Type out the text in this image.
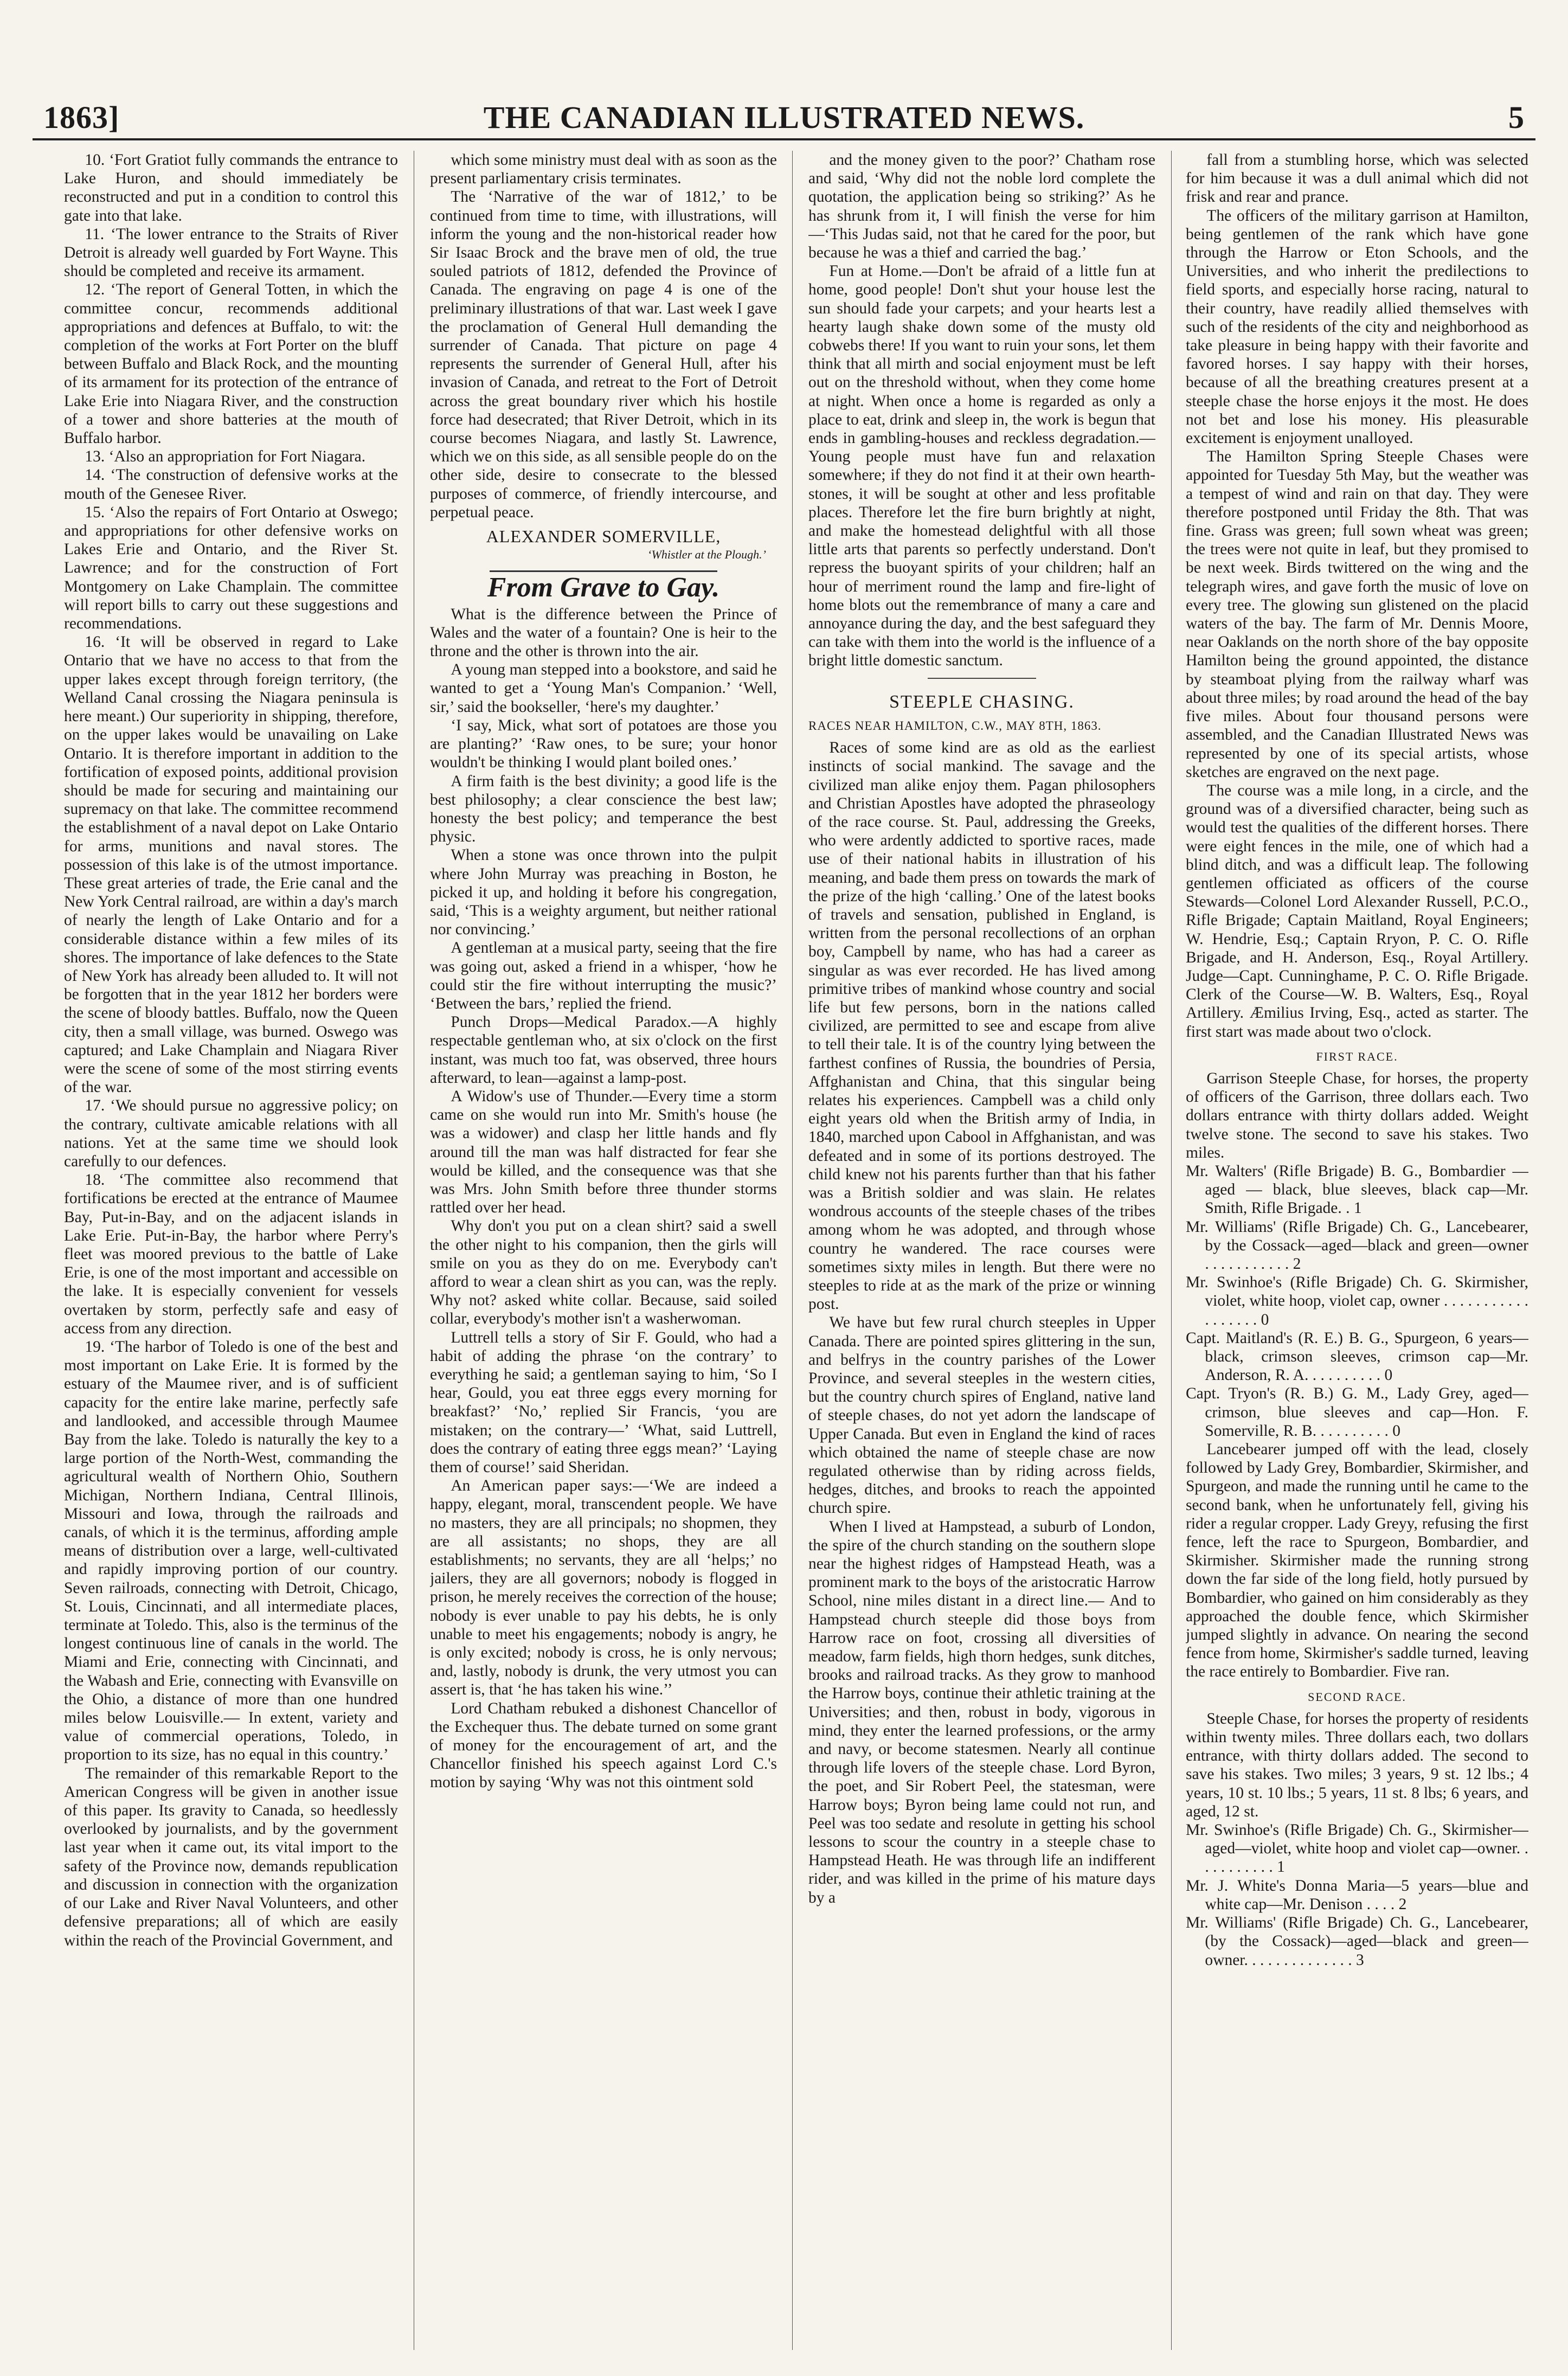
1863]	THE CANADIAN ILLUSTRATED NEWS.	5

10. ‘Fort Gratiot fully commands the entrance to Lake Huron, and should immediately be reconstructed and put in a condition to control this gate into that lake.

11. ‘The lower entrance to the Straits of River Detroit is already well guarded by Fort Wayne. This should be completed and receive its armament.

12. ‘The report of General Totten, in which the committee concur, recommends additional appropriations and defences at Buffalo, to wit: the completion of the works at Fort Porter on the bluff between Buffalo and Black Rock, and the mounting of its armament for its protection of the entrance of Lake Erie into Niagara River, and the construction of a tower and shore batteries at the mouth of Buffalo harbor.

13. ‘Also an appropriation for Fort Niagara.

14. ‘The construction of defensive works at the mouth of the Genesee River.

15. ‘Also the repairs of Fort Ontario at Oswego; and appropriations for other defensive works on Lakes Erie and Ontario, and the River St. Lawrence; and for the construction of Fort Montgomery on Lake Champlain. The committee will report bills to carry out these suggestions and recommendations.

16. ‘It will be observed in regard to Lake Ontario that we have no access to that from the upper lakes except through foreign territory, (the Welland Canal crossing the Niagara peninsula is here meant.) Our superiority in shipping, therefore, on the upper lakes would be unavailing on Lake Ontario. It is therefore important in addition to the fortification of exposed points, additional provision should be made for securing and maintaining our supremacy on that lake. The committee recommend the establishment of a naval depot on Lake Ontario for arms, munitions and naval stores. The possession of this lake is of the utmost importance. These great arteries of trade, the Erie canal and the New York Central railroad, are within a day's march of nearly the length of Lake Ontario and for a considerable distance within a few miles of its shores. The importance of lake defences to the State of New York has already been alluded to. It will not be forgotten that in the year 1812 her borders were the scene of bloody battles. Buffalo, now the Queen city, then a small village, was burned. Oswego was captured; and Lake Champlain and Niagara River were the scene of some of the most stirring events of the war.

17. ‘We should pursue no aggressive policy; on the contrary, cultivate amicable relations with all nations. Yet at the same time we should look carefully to our defences.

18. ‘The committee also recommend that fortifications be erected at the entrance of Maumee Bay, Put-in-Bay, and on the adjacent islands in Lake Erie. Put-in-Bay, the harbor where Perry's fleet was moored previous to the battle of Lake Erie, is one of the most important and accessible on the lake. It is especially convenient for vessels overtaken by storm, perfectly safe and easy of access from any direction.

19. ‘The harbor of Toledo is one of the best and most important on Lake Erie. It is formed by the estuary of the Maumee river, and is of sufficient capacity for the entire lake marine, perfectly safe and landlooked, and accessible through Maumee Bay from the lake. Toledo is naturally the key to a large portion of the North-West, commanding the agricultural wealth of Northern Ohio, Southern Michigan, Northern Indiana, Central Illinois, Missouri and Iowa, through the railroads and canals, of which it is the terminus, affording ample means of distribution over a large, well-cultivated and rapidly improving portion of our country. Seven railroads, connecting with Detroit, Chicago, St. Louis, Cincinnati, and all intermediate places, terminate at Toledo. This, also is the terminus of the longest continuous line of canals in the world. The Miami and Erie, connecting with Cincinnati, and the Wabash and Erie, connecting with Evansville on the Ohio, a distance of more than one hundred miles below Louisville.— In extent, variety and value of commercial operations, Toledo, in proportion to its size, has no equal in this country.’

The remainder of this remarkable Report to the American Congress will be given in another issue of this paper. Its gravity to Canada, so heedlessly overlooked by journalists, and by the government last year when it came out, its vital import to the safety of the Province now, demands republication and discussion in connection with the organization of our Lake and River Naval Volunteers, and other defensive preparations; all of which are easily within the reach of the Provincial Government, and

which some ministry must deal with as soon as the present parliamentary crisis terminates.

The ‘Narrative of the war of 1812,’ to be continued from time to time, with illustrations, will inform the young and the non-historical reader how Sir Isaac Brock and the brave men of old, the true souled patriots of 1812, defended the Province of Canada. The engraving on page 4 is one of the preliminary illustrations of that war. Last week I gave the proclamation of General Hull demanding the surrender of Canada. That picture on page 4 represents the surrender of General Hull, after his invasion of Canada, and retreat to the Fort of Detroit across the great boundary river which his hostile force had desecrated; that River Detroit, which in its course becomes Niagara, and lastly St. Lawrence, which we on this side, as all sensible people do on the other side, desire to consecrate to the blessed purposes of commerce, of friendly intercourse, and perpetual peace.

ALEXANDER SOMERVILLE,
‘Whistler at the Plough.’
From Grave to Gay.

What is the difference between the Prince of Wales and the water of a fountain? One is heir to the throne and the other is thrown into the air.

A young man stepped into a bookstore, and said he wanted to get a ‘Young Man's Companion.’ ‘Well, sir,’ said the bookseller, ‘here's my daughter.’

‘I say, Mick, what sort of potatoes are those you are planting?’ ‘Raw ones, to be sure; your honor wouldn't be thinking I would plant boiled ones.’

A firm faith is the best divinity; a good life is the best philosophy; a clear conscience the best law; honesty the best policy; and temperance the best physic.

When a stone was once thrown into the pulpit where John Murray was preaching in Boston, he picked it up, and holding it before his congregation, said, ‘This is a weighty argument, but neither rational nor convincing.’

A gentleman at a musical party, seeing that the fire was going out, asked a friend in a whisper, ‘how he could stir the fire without interrupting the music?’ ‘Between the bars,’ replied the friend.

Punch Drops—Medical Paradox.—A highly respectable gentleman who, at six o'clock on the first instant, was much too fat, was observed, three hours afterward, to lean—against a lamp-post.

A Widow's use of Thunder.—Every time a storm came on she would run into Mr. Smith's house (he was a widower) and clasp her little hands and fly around till the man was half distracted for fear she would be killed, and the consequence was that she was Mrs. John Smith before three thunder storms rattled over her head.

Why don't you put on a clean shirt? said a swell the other night to his companion, then the girls will smile on you as they do on me. Everybody can't afford to wear a clean shirt as you can, was the reply. Why not? asked white collar. Because, said soiled collar, everybody's mother isn't a washerwoman.

Luttrell tells a story of Sir F. Gould, who had a habit of adding the phrase ‘on the contrary’ to everything he said; a gentleman saying to him, ‘So I hear, Gould, you eat three eggs every morning for breakfast?’ ‘No,’ replied Sir Francis, ‘you are mistaken; on the contrary—’ ‘What, said Luttrell, does the contrary of eating three eggs mean?’ ‘Laying them of course!’ said Sheridan.

An American paper says:—‘We are indeed a happy, elegant, moral, transcendent people. We have no masters, they are all principals; no shopmen, they are all assistants; no shops, they are all establishments; no servants, they are all ‘helps;’ no jailers, they are all governors; nobody is flogged in prison, he merely receives the correction of the house; nobody is ever unable to pay his debts, he is only unable to meet his engagements; nobody is angry, he is only excited; nobody is cross, he is only nervous; and, lastly, nobody is drunk, the very utmost you can assert is, that ‘he has taken his wine.’’

Lord Chatham rebuked a dishonest Chancellor of the Exchequer thus. The debate turned on some grant of money for the encouragement of art, and the Chancellor finished his speech against Lord C.'s motion by saying ‘Why was not this ointment sold

and the money given to the poor?’ Chatham rose and said, ‘Why did not the noble lord complete the quotation, the application being so striking?’ As he has shrunk from it, I will finish the verse for him—‘This Judas said, not that he cared for the poor, but because he was a thief and carried the bag.’

Fun at Home.—Don't be afraid of a little fun at home, good people! Don't shut your house lest the sun should fade your carpets; and your hearts lest a hearty laugh shake down some of the musty old cobwebs there! If you want to ruin your sons, let them think that all mirth and social enjoyment must be left out on the threshold without, when they come home at night. When once a home is regarded as only a place to eat, drink and sleep in, the work is begun that ends in gambling-houses and reckless degradation.— Young people must have fun and relaxation somewhere; if they do not find it at their own hearth-stones, it will be sought at other and less profitable places. Therefore let the fire burn brightly at night, and make the homestead delightful with all those little arts that parents so perfectly understand. Don't repress the buoyant spirits of your children; half an hour of merriment round the lamp and fire-light of home blots out the remembrance of many a care and annoyance during the day, and the best safeguard they can take with them into the world is the influence of a bright little domestic sanctum.

STEEPLE CHASING.
RACES NEAR HAMILTON, C.W., MAY 8TH, 1863.

Races of some kind are as old as the earliest instincts of social mankind. The savage and the civilized man alike enjoy them. Pagan philosophers and Christian Apostles have adopted the phraseology of the race course. St. Paul, addressing the Greeks, who were ardently addicted to sportive races, made use of their national habits in illustration of his meaning, and bade them press on towards the mark of the prize of the high ‘calling.’ One of the latest books of travels and sensation, published in England, is written from the personal recollections of an orphan boy, Campbell by name, who has had a career as singular as was ever recorded. He has lived among primitive tribes of mankind whose country and social life but few persons, born in the nations called civilized, are permitted to see and escape from alive to tell their tale. It is of the country lying between the farthest confines of Russia, the boundries of Persia, Affghanistan and China, that this singular being relates his experiences. Campbell was a child only eight years old when the British army of India, in 1840, marched upon Cabool in Affghanistan, and was defeated and in some of its portions destroyed. The child knew not his parents further than that his father was a British soldier and was slain. He relates wondrous accounts of the steeple chases of the tribes among whom he was adopted, and through whose country he wandered. The race courses were sometimes sixty miles in length. But there were no steeples to ride at as the mark of the prize or winning post.

We have but few rural church steeples in Upper Canada. There are pointed spires glittering in the sun, and belfrys in the country parishes of the Lower Province, and several steeples in the western cities, but the country church spires of England, native land of steeple chases, do not yet adorn the landscape of Upper Canada. But even in England the kind of races which obtained the name of steeple chase are now regulated otherwise than by riding across fields, hedges, ditches, and brooks to reach the appointed church spire.

When I lived at Hampstead, a suburb of London, the spire of the church standing on the southern slope near the highest ridges of Hampstead Heath, was a prominent mark to the boys of the aristocratic Harrow School, nine miles distant in a direct line.— And to Hampstead church steeple did those boys from Harrow race on foot, crossing all diversities of meadow, farm fields, high thorn hedges, sunk ditches, brooks and railroad tracks. As they grow to manhood the Harrow boys, continue their athletic training at the Universities; and then, robust in body, vigorous in mind, they enter the learned professions, or the army and navy, or become statesmen. Nearly all continue through life lovers of the steeple chase. Lord Byron, the poet, and Sir Robert Peel, the statesman, were Harrow boys; Byron being lame could not run, and Peel was too sedate and resolute in getting his school lessons to scour the country in a steeple chase to Hampstead Heath. He was through life an indifferent rider, and was killed in the prime of his mature days by a

fall from a stumbling horse, which was selected for him because it was a dull animal which did not frisk and rear and prance.

The officers of the military garrison at Hamilton, being gentlemen of the rank which have gone through the Harrow or Eton Schools, and the Universities, and who inherit the predilections to field sports, and especially horse racing, natural to their country, have readily allied themselves with such of the residents of the city and neighborhood as take pleasure in being happy with their favorite and favored horses. I say happy with their horses, because of all the breathing creatures present at a steeple chase the horse enjoys it the most. He does not bet and lose his money. His pleasurable excitement is enjoyment unalloyed.

The Hamilton Spring Steeple Chases were appointed for Tuesday 5th May, but the weather was a tempest of wind and rain on that day. They were therefore postponed until Friday the 8th. That was fine. Grass was green; full sown wheat was green; the trees were not quite in leaf, but they promised to be next week. Birds twittered on the wing and the telegraph wires, and gave forth the music of love on every tree. The glowing sun glistened on the placid waters of the bay. The farm of Mr. Dennis Moore, near Oaklands on the north shore of the bay opposite Hamilton being the ground appointed, the distance by steamboat plying from the railway wharf was about three miles; by road around the head of the bay five miles. About four thousand persons were assembled, and the Canadian Illustrated News was represented by one of its special artists, whose sketches are engraved on the next page.

The course was a mile long, in a circle, and the ground was of a diversified character, being such as would test the qualities of the different horses. There were eight fences in the mile, one of which had a blind ditch, and was a difficult leap. The following gentlemen officiated as officers of the course Stewards—Colonel Lord Alexander Russell, P.C.O., Rifle Brigade; Captain Maitland, Royal Engineers; W. Hendrie, Esq.; Captain Rryon, P. C. O. Rifle Brigade, and H. Anderson, Esq., Royal Artillery. Judge—Capt. Cunninghame, P. C. O. Rifle Brigade. Clerk of the Course—W. B. Walters, Esq., Royal Artillery. Æmilius Irving, Esq., acted as starter. The first start was made about two o'clock.

FIRST RACE.

Garrison Steeple Chase, for horses, the property of officers of the Garrison, three dollars each. Two dollars entrance with thirty dollars added. Weight twelve stone. The second to save his stakes. Two miles.

Mr. Walters' (Rifle Brigade) B. G., Bombardier — aged — black, blue sleeves, black cap—Mr. Smith, Rifle Brigade. . 1

Mr. Williams' (Rifle Brigade) Ch. G., Lancebearer, by the Cossack—aged—black and green—owner . . . . . . . . . . . 2

Mr. Swinhoe's (Rifle Brigade) Ch. G. Skirmisher, violet, white hoop, violet cap, owner . . . . . . . . . . . . . . . . . . 0

Capt. Maitland's (R. E.) B. G., Spurgeon, 6 years—black, crimson sleeves, crimson cap—Mr. Anderson, R. A. . . . . . . . . . 0

Capt. Tryon's (R. B.) G. M., Lady Grey, aged—crimson, blue sleeves and cap—Hon. F. Somerville, R. B. . . . . . . . . . 0

Lancebearer jumped off with the lead, closely followed by Lady Grey, Bombardier, Skirmisher, and Spurgeon, and made the running until he came to the second bank, when he unfortunately fell, giving his rider a regular cropper. Lady Greyy, refusing the first fence, left the race to Spurgeon, Bombardier, and Skirmisher. Skirmisher made the running strong down the far side of the long field, hotly pursued by Bombardier, who gained on him considerably as they approached the double fence, which Skirmisher jumped slightly in advance. On nearing the second fence from home, Skirmisher's saddle turned, leaving the race entirely to Bombardier. Five ran.

SECOND RACE.

Steeple Chase, for horses the property of residents within twenty miles. Three dollars each, two dollars entrance, with thirty dollars added. The second to save his stakes. Two miles; 3 years, 9 st. 12 lbs.; 4 years, 10 st. 10 lbs.; 5 years, 11 st. 8 lbs; 6 years, and aged, 12 st.

Mr. Swinhoe's (Rifle Brigade) Ch. G., Skirmisher—aged—violet, white hoop and violet cap—owner. . . . . . . . . . . 1

Mr. J. White's Donna Maria—5 years—blue and white cap—Mr. Denison . . . . 2

Mr. Williams' (Rifle Brigade) Ch. G., Lancebearer, (by the Cossack)—aged—black and green—owner. . . . . . . . . . . . . . 3
